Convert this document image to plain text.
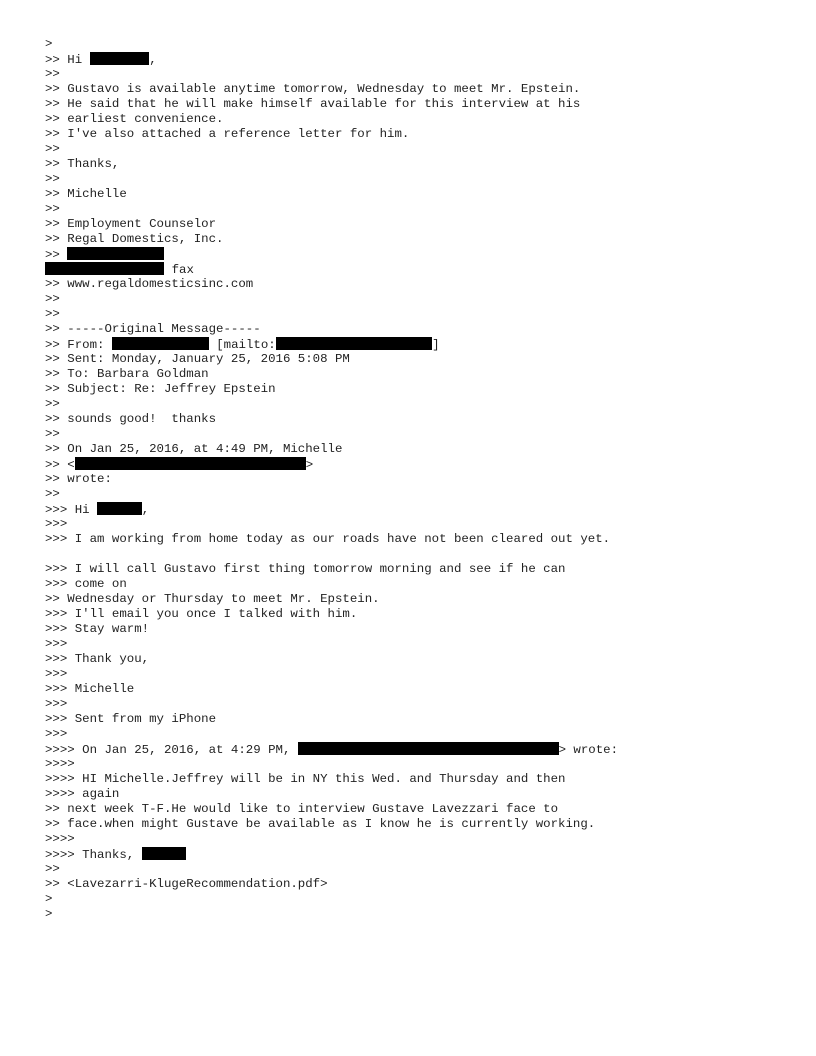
>
>> Hi	,
>>
>> Gustavo is available anytime tomorrow, Wednesday to meet Mr. Epstein.
>> He said that he will make himself available for this interview at his
>> earliest convenience.
>> I've also attached a reference letter for him.
>>
>> Thanks,
>>
>> Michelle
>>
>> Employment Counselor
>> Regal Domestics, Inc.
>>
fax
>> www.regaldomesticsinc.com
>>
>>
>> -----Original Message-----
>> From:	[mailto:	]
>> Sent: Monday, January 25, 2016 5:08 PM
>> To: Barbara Goldman
>> Subject: Re: Jeffrey Epstein
>>
>> sounds good!  thanks
>>
>> On Jan 25, 2016, at 4:49 PM, Michelle
>> <	>
>> wrote:
>>
>>> Hi	,
>>>
>>> I am working from home today as our roads have not been cleared out yet.
>>> I will call Gustavo first thing tomorrow morning and see if he can
>>> come on
>> Wednesday or Thursday to meet Mr. Epstein.
>>> I'll email you once I talked with him.
>>> Stay warm!
>>>
>>> Thank you,
>>>
>>> Michelle
>>>
>>> Sent from my iPhone
>>>
>>>> On Jan 25, 2016, at 4:29 PM,	> wrote:
>>>>
>>>> HI Michelle.Jeffrey will be in NY this Wed. and Thursday and then
>>>> again
>> next week T-F.He would like to interview Gustave Lavezzari face to
>> face.when might Gustave be available as I know he is currently working.
>>>>
>>>> Thanks,
>>
>> <Lavezarri-KlugeRecommendation.pdf>
>
>
